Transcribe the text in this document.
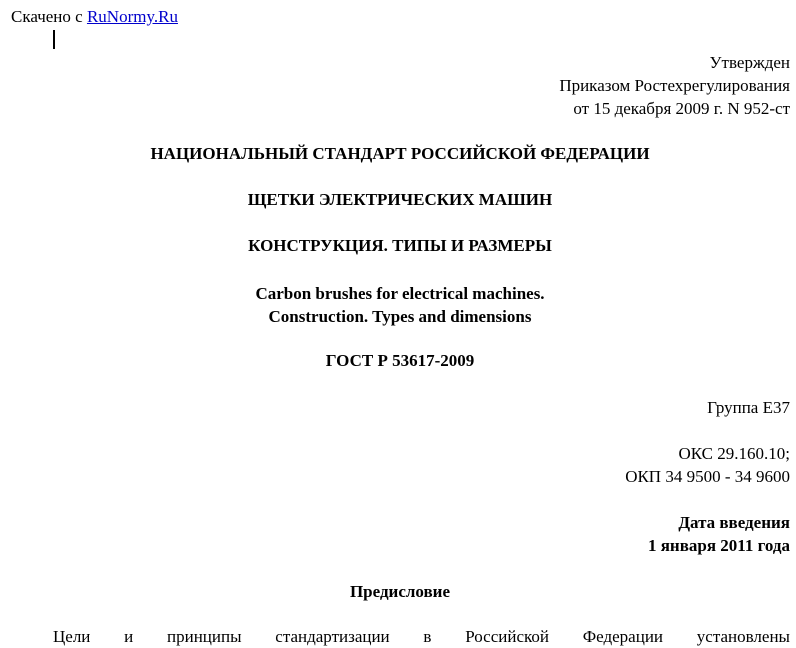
Скачено с RuNormy.Ru

Утвержден
Приказом Ростехрегулирования
от 15 декабря 2009 г. N 952-ст
НАЦИОНАЛЬНЫЙ СТАНДАРТ РОССИЙСКОЙ ФЕДЕРАЦИИ
ЩЕТКИ ЭЛЕКТРИЧЕСКИХ МАШИН
КОНСТРУКЦИЯ. ТИПЫ И РАЗМЕРЫ
Carbon brushes for electrical machines.
Construction. Types and dimensions
ГОСТ Р 53617-2009
Группа Е37
ОКС 29.160.10;
ОКП 34 9500 - 34 9600
Дата введения
1 января 2011 года
Предисловие

Цели и принципы стандартизации в Российской Федерации установлены
